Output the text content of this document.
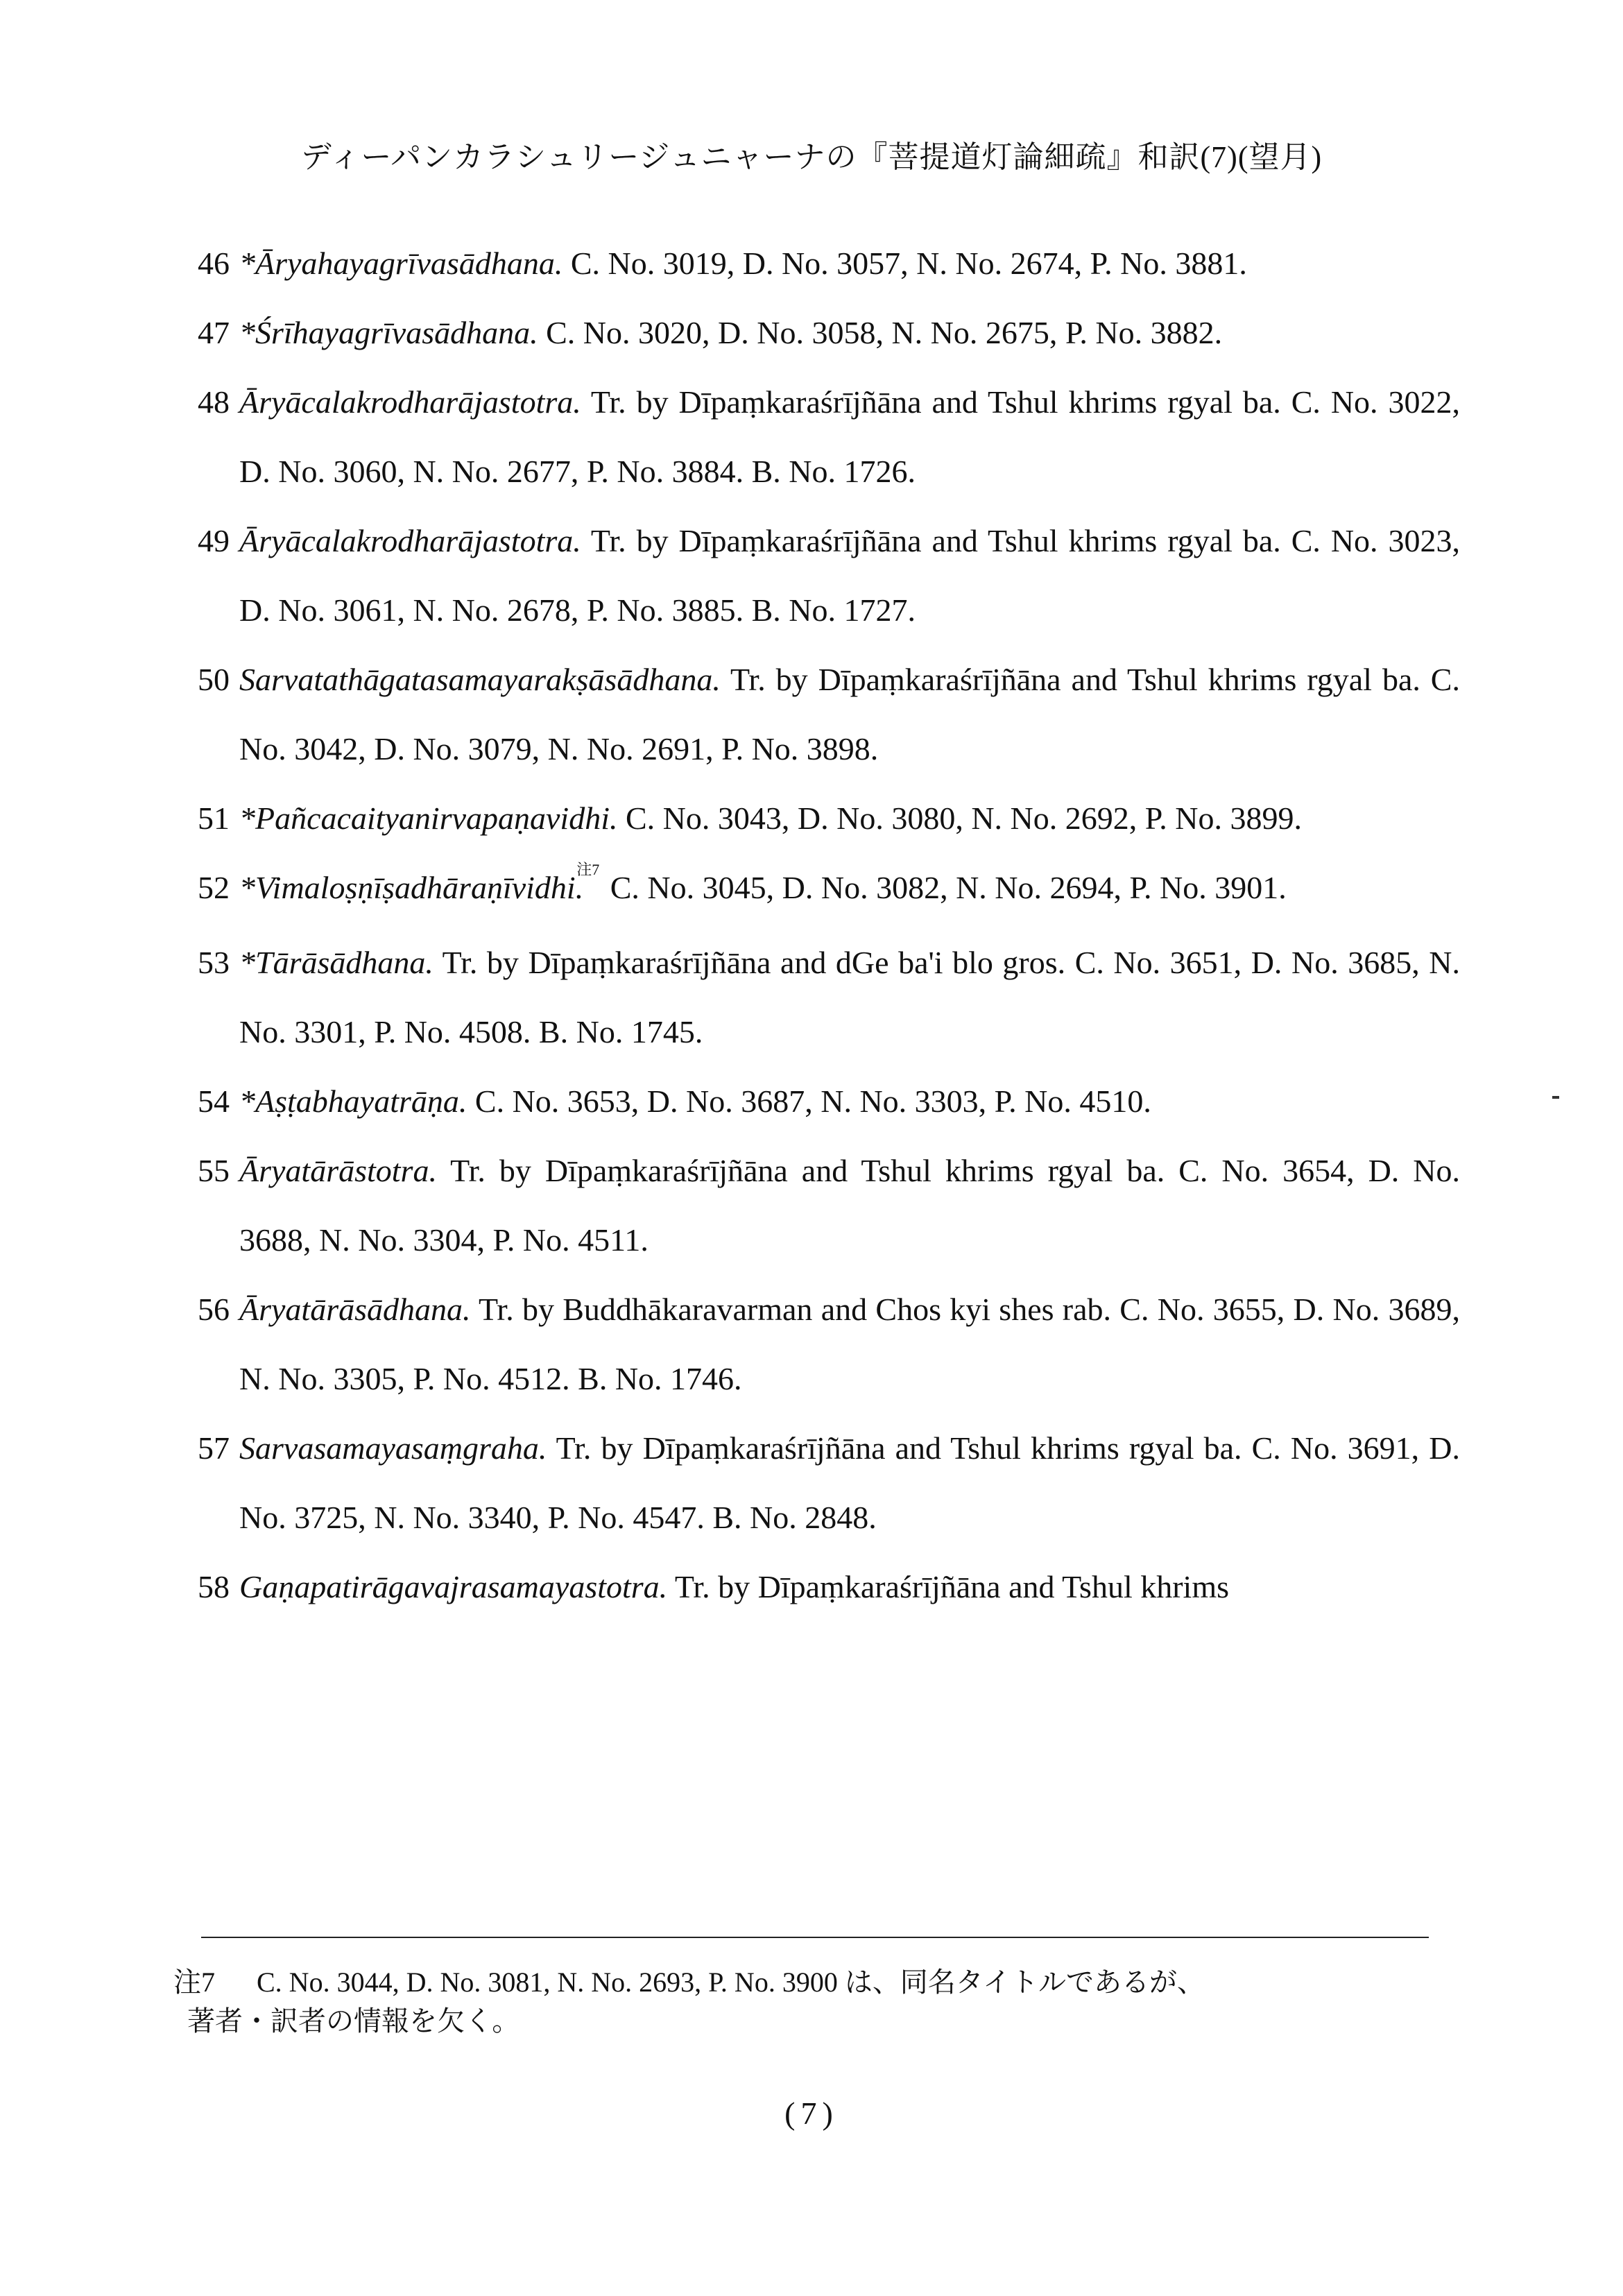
ディーパンカラシュリージュニャーナの『菩提道灯論細疏』和訳(7)(望月)

46 *Āryahayagrīvasādhana. C. No. 3019, D. No. 3057, N. No. 2674, P. No. 3881.

47 *Śrīhayagrīvasādhana. C. No. 3020, D. No. 3058, N. No. 2675, P. No. 3882.

48 Āryācalakrodharājastotra. Tr. by Dīpaṃkaraśrījñāna and Tshul khrims rgyal ba. C. No. 3022, D. No. 3060, N. No. 2677, P. No. 3884. B. No. 1726.

49 Āryācalakrodharājastotra. Tr. by Dīpaṃkaraśrījñāna and Tshul khrims rgyal ba. C. No. 3023, D. No. 3061, N. No. 2678, P. No. 3885. B. No. 1727.

50 Sarvatathāgatasamayarakṣāsādhana. Tr. by Dīpaṃkaraśrījñāna and Tshul khrims rgyal ba. C. No. 3042, D. No. 3079, N. No. 2691, P. No. 3898.

51 *Pañcacaityanirvapaṇavidhi. C. No. 3043, D. No. 3080, N. No. 2692, P. No. 3899.

52 *Vimaloṣṇīṣadhāraṇīvidhi.$^{注7}$ C. No. 3045, D. No. 3082, N. No. 2694, P. No. 3901.

53 *Tārāsādhana. Tr. by Dīpaṃkaraśrījñāna and dGe ba'i blo gros. C. No. 3651, D. No. 3685, N. No. 3301, P. No. 4508. B. No. 1745.

54 *Aṣṭabhayatrāṇa. C. No. 3653, D. No. 3687, N. No. 3303, P. No. 4510.

55 Āryatārāstotra. Tr. by Dīpaṃkaraśrījñāna and Tshul khrims rgyal ba. C. No. 3654, D. No. 3688, N. No. 3304, P. No. 4511.

56 Āryatārāsādhana. Tr. by Buddhākaravarman and Chos kyi shes rab. C. No. 3655, D. No. 3689, N. No. 3305, P. No. 4512. B. No. 1746.

57 Sarvasamayasaṃgraha. Tr. by Dīpaṃkaraśrījñāna and Tshul khrims rgyal ba. C. No. 3691, D. No. 3725, N. No. 3340, P. No. 4547. B. No. 2848.

58 Gaṇapatirāgavajrasamayastotra. Tr. by Dīpaṃkaraśrījñāna and Tshul khrims

注7 C. No. 3044, D. No. 3081, N. No. 2693, P. No. 3900 は、同名タイトルであるが、
著者・訳者の情報を欠く。
(7)
